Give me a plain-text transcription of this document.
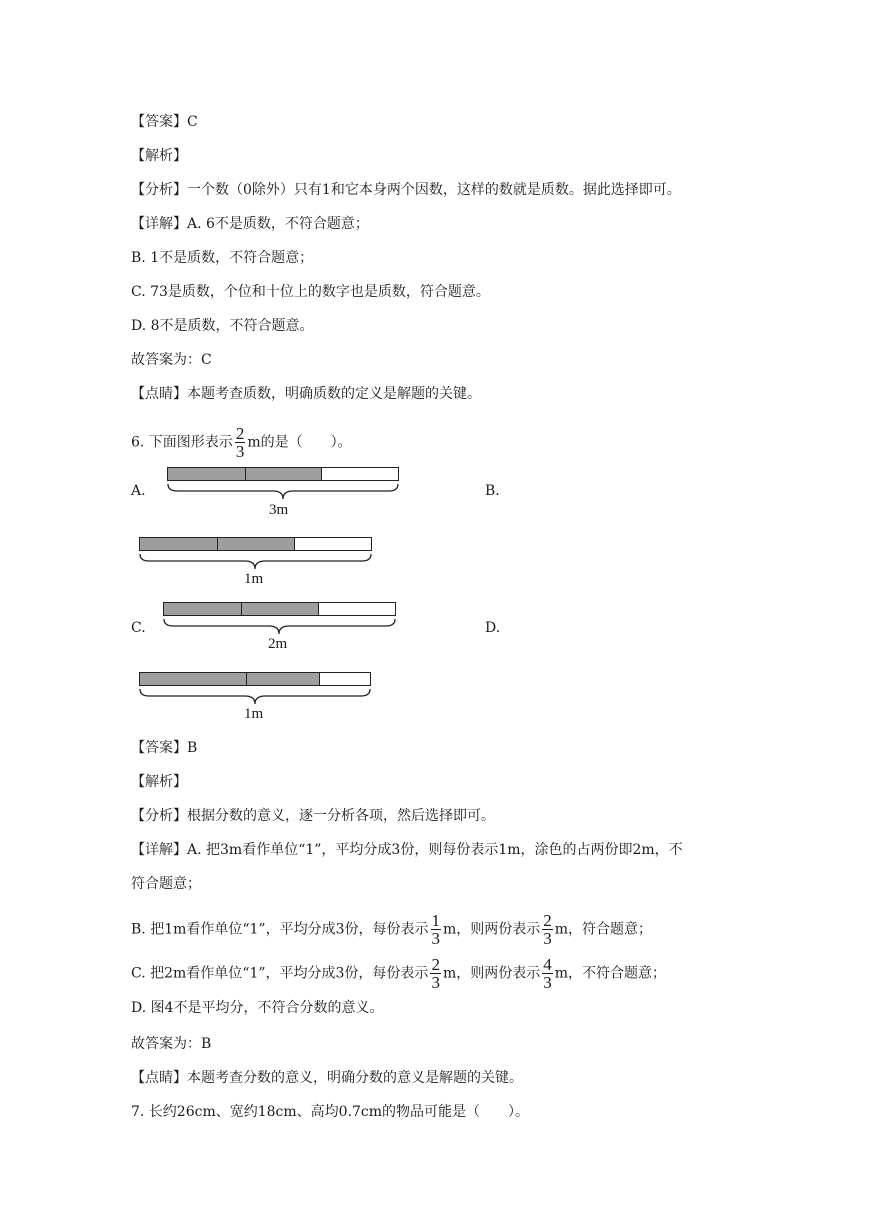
【答案】C
【解析】
【分析】一个数（0除外）只有1和它本身两个因数，这样的数就是质数。据此选择即可。
【详解】A. 6不是质数，不符合题意；
B. 1不是质数，不符合题意；
C. 73是质数，个位和十位上的数字也是质数，符合题意。
D. 8不是质数，不符合题意。
故答案为：C
【点睛】本题考查质数，明确质数的定义是解题的关键。
6. 下面图形表示 $\frac{2}{3}$ m的是（　　）。
A.
3m
B.
1m
C.
2m
D.
1m
【答案】B
【解析】
【分析】根据分数的意义，逐一分析各项，然后选择即可。
【详解】A. 把3m看作单位“1”，平均分成3份，则每份表示1m，涂色的占两份即2m，不
符合题意；
B. 把1m看作单位“1”，平均分成3份，每份表示 $\frac{1}{3}$ m，则两份表示 $\frac{2}{3}$ m，符合题意；
C. 把2m看作单位“1”，平均分成3份，每份表示 $\frac{2}{3}$ m，则两份表示 $\frac{4}{3}$ m，不符合题意；
D. 图4不是平均分，不符合分数的意义。
故答案为：B
【点睛】本题考查分数的意义，明确分数的意义是解题的关键。
7. 长约26cm、宽约18cm、高均0.7cm的物品可能是（　　）。
